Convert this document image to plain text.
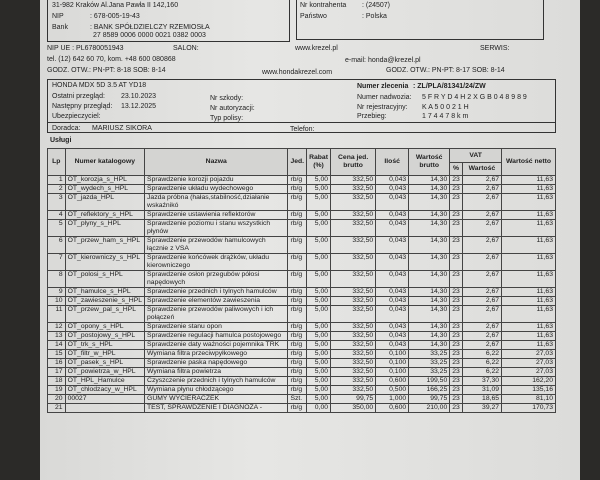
31-982 Kraków Al.Jana Pawła II 142,160
NIP	: 678-005-19-43
Bank	: BANK SPÓŁDZIELCZY RZEMIOSŁA
27 8589 0006 0000 0021 0382 0003
Nr kontrahenta : (24507)
Państwo	: Polska
NIP UE : PL6780051943	SALON:	www.krezel.pl	SERWIS:
tel. (12) 642 60 70, kom. +48 600 080868	e-mail: honda@krezel.pl
GODZ. OTW.: PN-PT: 8-18 SOB: 8-14	www.hondakrezel.com	GODZ. OTW.: PN-PT: 8-17 SOB: 8-14
HONDA MDX 5D 3.5 AT YD18
Ostatni przegląd: 23.10.2023
Następny przegląd: 13.12.2025
Ubezpieczyciel:
Nr szkody:
Nr autoryzacji:
Typ polisy:
Numer zlecenia : ZL/PLA/81341/24/ZW
Numer nadwozia: 5 F R Y D 4 H 2 X G B 0 4 8 9 8 9
Nr rejestracyjny: K A 5 0 0 2 1 H
Przebieg:	1 7 4 4 7 8 k m
Doradca: MARIUSZ SIKORA	Telefon:
Usługi
Lp	Numer katalogowy	Nazwa	Jed.	Rabat (%)	Cena jed. brutto	Ilość	Wartość brutto	VAT		Wartość netto
								%	Wartość	
1	OT_korozja_s_HPL	Sprawdzenie korozji pojazdu	rb/g	5,00	332,50	0,043	14,30	23	2,67	11,63
2	OT_wydech_s_HPL	Sprawdzenie układu wydechowego	rb/g	5,00	332,50	0,043	14,30	23	2,67	11,63
3	OT_jazda_HPL	Jazda próbna (hałas,stabilność,działanie wskaźnikó	rb/g	5,00	332,50	0,043	14,30	23	2,67	11,63
4	OT_reflektory_s_HPL	Sprawdzenie ustawienia reflektorów	rb/g	5,00	332,50	0,043	14,30	23	2,67	11,63
5	OT_plyny_s_HPL	Sprawdzenie poziomu i stanu wszystkich płynów	rb/g	5,00	332,50	0,043	14,30	23	2,67	11,63
6	OT_przew_ham_s_HPL	Sprawdzenie przewodów hamulcowych łącznie z VSA	rb/g	5,00	332,50	0,043	14,30	23	2,67	11,63
7	OT_kierowniczy_s_HPL	Sprawdzenie końcówek drążków, układu kierowniczego	rb/g	5,00	332,50	0,043	14,30	23	2,67	11,63
8	OT_polosi_s_HPL	Sprawdzenie osłon przegubów półosi napędowych	rb/g	5,00	332,50	0,043	14,30	23	2,67	11,63
9	OT_hamulce_s_HPL	Sprawdzenie przednich i tylnych hamulców	rb/g	5,00	332,50	0,043	14,30	23	2,67	11,63
10	OT_zawieszenie_s_HPL	Sprawdzenie elementów zawieszenia	rb/g	5,00	332,50	0,043	14,30	23	2,67	11,63
11	OT_przew_pal_s_HPL	Sprawdzenie przewodów paliwowych i ich połączeń	rb/g	5,00	332,50	0,043	14,30	23	2,67	11,63
12	OT_opony_s_HPL	Sprawdzenie stanu opon	rb/g	5,00	332,50	0,043	14,30	23	2,67	11,63
13	OT_postojowy_s_HPL	Sprawdzenie regulacji hamulca postojowego	rb/g	5,00	332,50	0,043	14,30	23	2,67	11,63
14	OT_trk_s_HPL	Sprawdzenie daty ważności pojemnika TRK	rb/g	5,00	332,50	0,043	14,30	23	2,67	11,63
15	OT_filtr_w_HPL	Wymiana filtra przeciwpyłkowego	rb/g	5,00	332,50	0,100	33,25	23	6,22	27,03
16	OT_pasek_s_HPL	Sprawdzenie paska napędowego	rb/g	5,00	332,50	0,100	33,25	23	6,22	27,03
17	OT_powietrza_w_HPL	Wymiana filtra powietrza	rb/g	5,00	332,50	0,100	33,25	23	6,22	27,03
18	OT_HPL_Hamulce	Czyszczenie przednich i tylnych hamulców	rb/g	5,00	332,50	0,600	199,50	23	37,30	162,20
19	OT_chlodzacy_w_HPL	Wymiana płynu chłodzącego	rb/g	5,00	332,50	0,500	166,25	23	31,09	135,16
20	00027	GUMY WYCIERACZEK	Szt.	5,00	99,75	1,000	99,75	23	18,65	81,10
21		TEST, SPRAWDZENIE I DIAGNOZA -	rb/g	0,00	350,00	0,600	210,00	23	39,27	170,73
